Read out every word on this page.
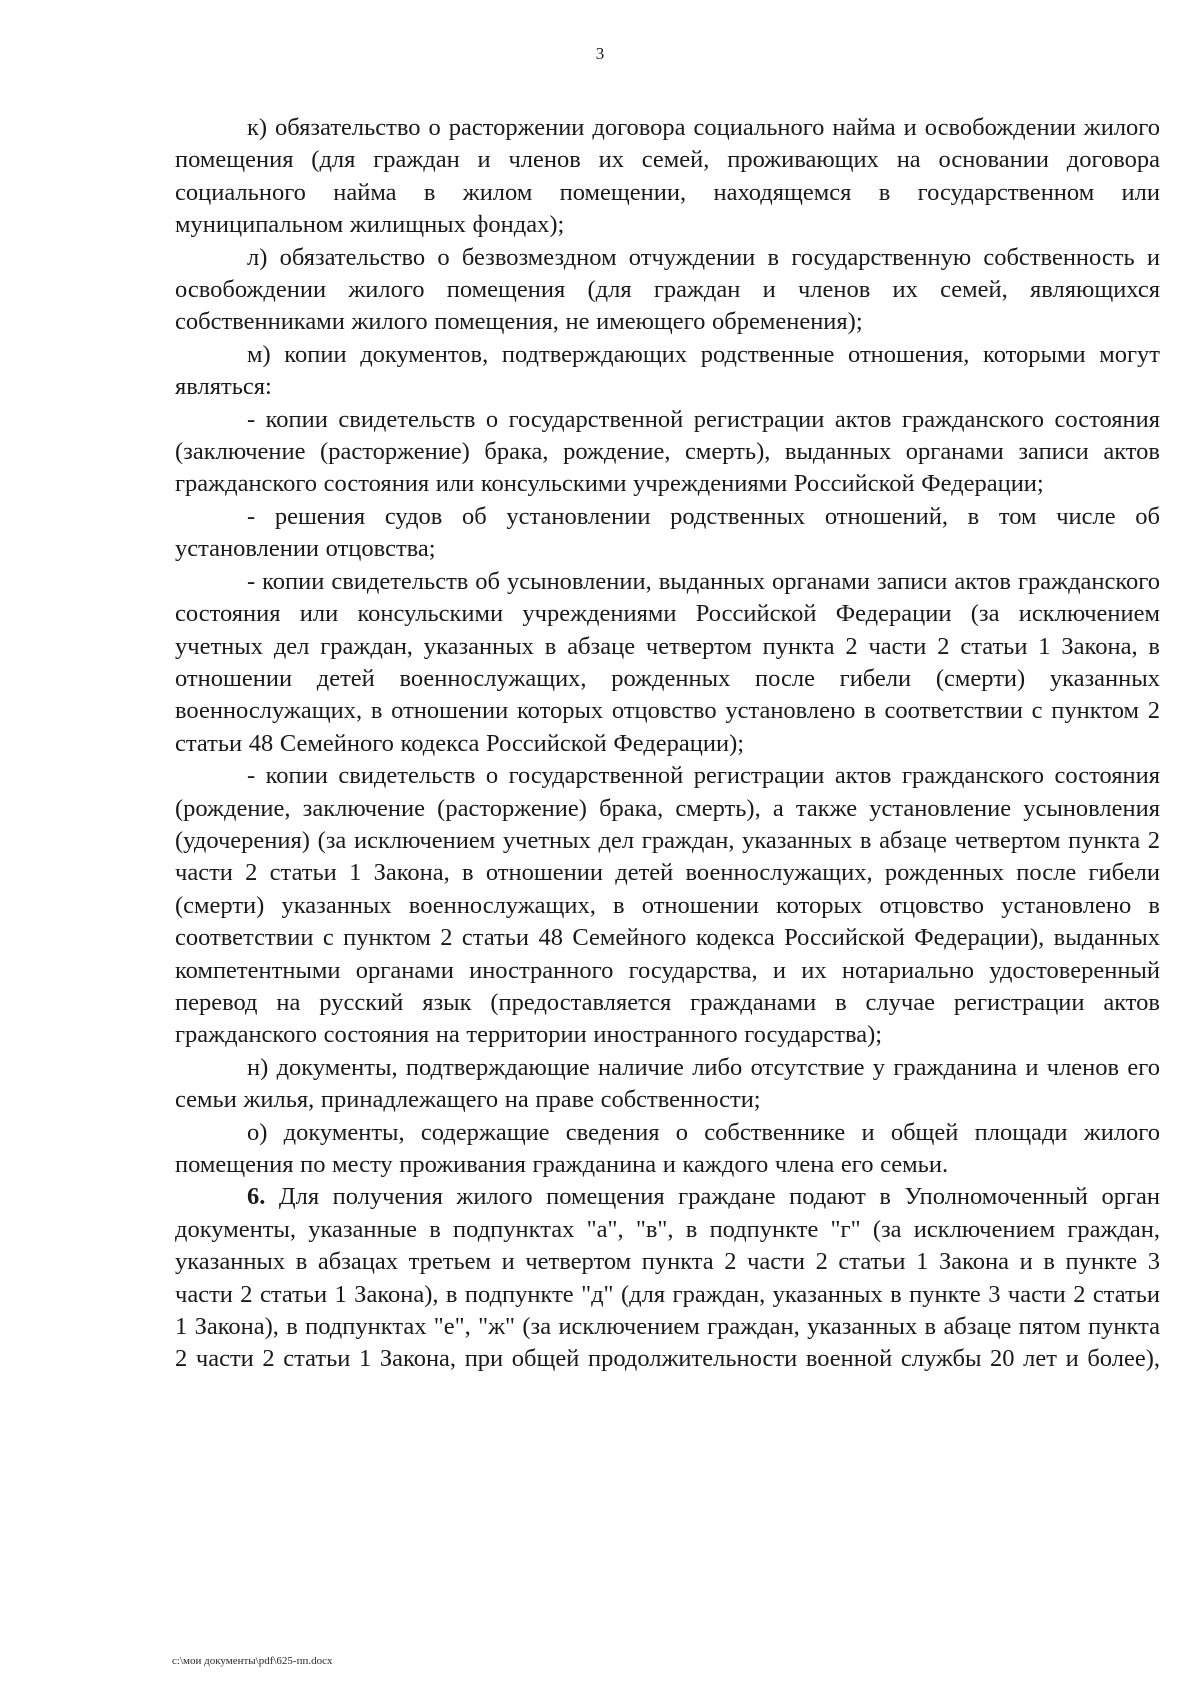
3

к) обязательство о расторжении договора социального найма и освобождении жилого помещения (для граждан и членов их семей, проживающих на основании договора социального найма в жилом помещении, находящемся в государственном или муниципальном жилищных фондах);

л) обязательство о безвозмездном отчуждении в государственную собственность и освобождении жилого помещения (для граждан и членов их семей, являющихся собственниками жилого помещения, не имеющего обременения);

м) копии документов, подтверждающих родственные отношения, которыми могут являться:

- копии свидетельств о государственной регистрации актов гражданского состояния (заключение (расторжение) брака, рождение, смерть), выданных органами записи актов гражданского состояния или консульскими учреждениями Российской Федерации;

- решения судов об установлении родственных отношений, в том числе об установлении отцовства;

- копии свидетельств об усыновлении, выданных органами записи актов гражданского состояния или консульскими учреждениями Российской Федерации (за исключением учетных дел граждан, указанных в абзаце четвертом пункта 2 части 2 статьи 1 Закона, в отношении детей военнослужащих, рожденных после гибели (смерти) указанных военнослужащих, в отношении которых отцовство установлено в соответствии с пунктом 2 статьи 48 Семейного кодекса Российской Федерации);

- копии свидетельств о государственной регистрации актов гражданского состояния (рождение, заключение (расторжение) брака, смерть), а также установление усыновления (удочерения) (за исключением учетных дел граждан, указанных в абзаце четвертом пункта 2 части 2 статьи 1 Закона, в отношении детей военнослужащих, рожденных после гибели (смерти) указанных военнослужащих, в отношении которых отцовство установлено в соответствии с пунктом 2 статьи 48 Семейного кодекса Российской Федерации), выданных компетентными органами иностранного государства, и их нотариально удостоверенный перевод на русский язык (предоставляется гражданами в случае регистрации актов гражданского состояния на территории иностранного государства);

н) документы, подтверждающие наличие либо отсутствие у гражданина и членов его семьи жилья, принадлежащего на праве собственности;

о) документы, содержащие сведения о собственнике и общей площади жилого помещения по месту проживания гражданина и каждого члена его семьи.

6. Для получения жилого помещения граждане подают в Уполномоченный орган документы, указанные в подпунктах "а", "в", в подпункте "г" (за исключением граждан, указанных в абзацах третьем и четвертом пункта 2 части 2 статьи 1 Закона и в пункте 3 части 2 статьи 1 Закона), в подпункте "д" (для граждан, указанных в пункте 3 части 2 статьи 1 Закона), в подпунктах "е", "ж" (за исключением граждан, указанных в абзаце пятом пункта 2 части 2 статьи 1 Закона, при общей продолжительности военной службы 20 лет и более),

c:\мои документы\pdf\625-пп.docx
